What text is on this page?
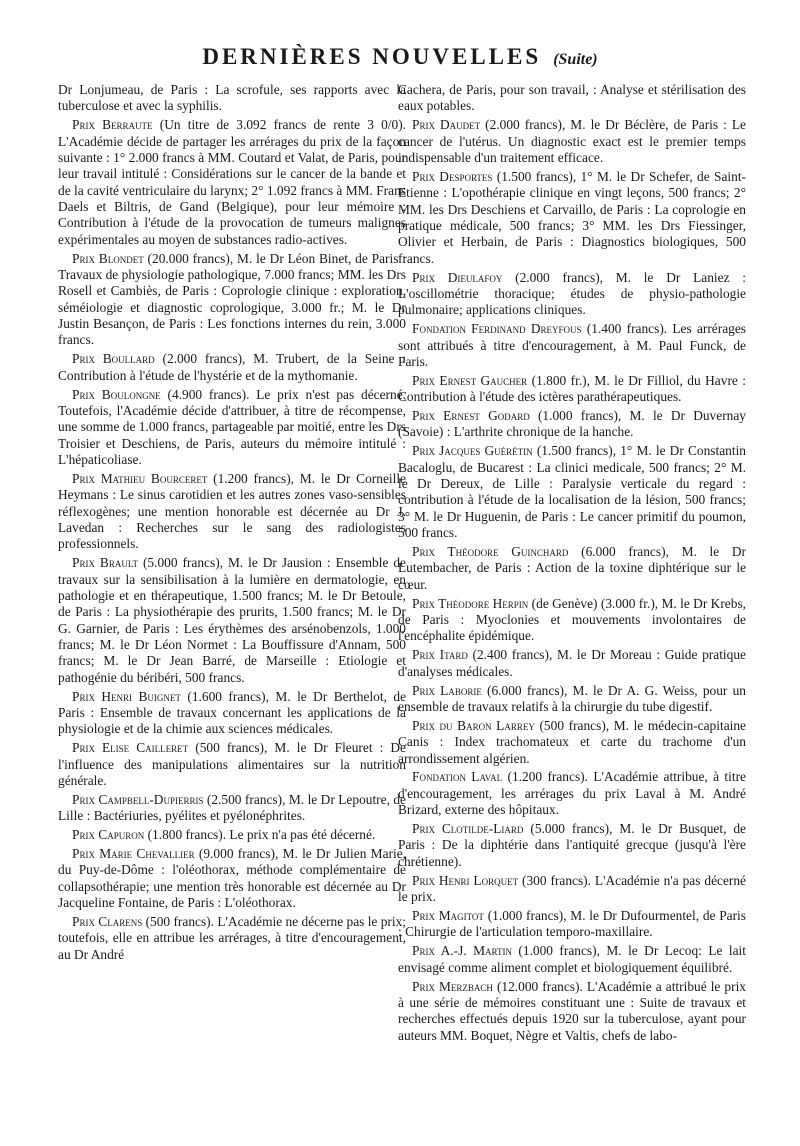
DERNIÈRES NOUVELLES (Suite)

Dr Lonjumeau, de Paris : La scrofule, ses rapports avec la tuberculose et avec la syphilis.

Prix Berraute (Un titre de 3.092 francs de rente 3 0/0). L'Académie décide de partager les arrérages du prix de la façon suivante : 1° 2.000 francs à MM. Coutard et Valat, de Paris, pour leur travail intitulé : Considérations sur le cancer de la bande et de la cavité ventriculaire du larynx; 2° 1.092 francs à MM. Frans Daels et Biltris, de Gand (Belgique), pour leur mémoire : Contribution à l'étude de la provocation de tumeurs malignes expérimentales au moyen de substances radio-actives.

Prix Blondet (20.000 francs), M. le Dr Léon Binet, de Paris : Travaux de physiologie pathologique, 7.000 francs; MM. les Drs Rosell et Cambiès, de Paris : Coprologie clinique : exploration, séméiologie et diagnostic coprologique, 3.000 fr.; M. le Dr Justin Besançon, de Paris : Les fonctions internes du rein, 3.000 francs.

Prix Boullard (2.000 francs), M. Trubert, de la Seine : Contribution à l'étude de l'hystérie et de la mythomanie.

Prix Boulongne (4.900 francs). Le prix n'est pas décerné. Toutefois, l'Académie décide d'attribuer, à titre de récompense, une somme de 1.000 francs, partageable par moitié, entre les Drs Troisier et Deschiens, de Paris, auteurs du mémoire intitulé : L'hépaticoliase.

Prix Mathieu Bourceret (1.200 francs), M. le Dr Corneille Heymans : Le sinus carotidien et les autres zones vaso-sensibles réflexogènes; une mention honorable est décernée au Dr J. Lavedan : Recherches sur le sang des radiologistes professionnels.

Prix Brault (5.000 francs), M. le Dr Jausion : Ensemble de travaux sur la sensibilisation à la lumière en dermatologie, en pathologie et en thérapeutique, 1.500 francs; M. le Dr Betoule, de Paris : La physiothérapie des prurits, 1.500 francs; M. le Dr G. Garnier, de Paris : Les érythèmes des arsénobenzols, 1.000 francs; M. le Dr Léon Normet : La Bouffissure d'Annam, 500 francs; M. le Dr Jean Barré, de Marseille : Etiologie et pathogénie du béribéri, 500 francs.

Prix Henri Buignet (1.600 francs), M. le Dr Berthelot, de Paris : Ensemble de travaux concernant les applications de la physiologie et de la chimie aux sciences médicales.

Prix Elise Cailleret (500 francs), M. le Dr Fleuret : De l'influence des manipulations alimentaires sur la nutrition générale.

Prix Campbell-Dupierris (2.500 francs), M. le Dr Lepoutre, de Lille : Bactériuries, pyélites et pyélonéphrites.

Prix Capuron (1.800 francs). Le prix n'a pas été décerné.

Prix Marie Chevallier (9.000 francs), M. le Dr Julien Marie, du Puy-de-Dôme : l'oléothorax, méthode complémentaire de collapsothérapie; une mention très honorable est décernée au Dr Jacqueline Fontaine, de Paris : L'oléothorax.

Prix Clarens (500 francs). L'Académie ne décerne pas le prix; toutefois, elle en attribue les arrérages, à titre d'encouragement, au Dr André

Cachera, de Paris, pour son travail, : Analyse et stérilisation des eaux potables.

Prix Daudet (2.000 francs), M. le Dr Béclère, de Paris : Le cancer de l'utérus. Un diagnostic exact est le premier temps indispensable d'un traitement efficace.

Prix Desportes (1.500 francs), 1° M. le Dr Schefer, de Saint-Etienne : L'opothérapie clinique en vingt leçons, 500 francs; 2° MM. les Drs Deschiens et Carvaillo, de Paris : La coprologie en pratique médicale, 500 francs; 3° MM. les Drs Fiessinger, Olivier et Herbain, de Paris : Diagnostics biologiques, 500 francs.

Prix Dieulafoy (2.000 francs), M. le Dr Laniez : L'oscillométrie thoracique; études de physio-pathologie pulmonaire; applications cliniques.

Fondation Ferdinand Dreyfous (1.400 francs). Les arrérages sont attribués à titre d'encouragement, à M. Paul Funck, de Paris.

Prix Ernest Gaucher (1.800 fr.), M. le Dr Filliol, du Havre : Contribution à l'étude des ictères parathérapeutiques.

Prix Ernest Godard (1.000 francs), M. le Dr Duvernay (Savoie) : L'arthrite chronique de la hanche.

Prix Jacques Guérétin (1.500 francs), 1° M. le Dr Constantin Bacaloglu, de Bucarest : La clinici medicale, 500 francs; 2° M. le Dr Dereux, de Lille : Paralysie verticale du regard : contribution à l'étude de la localisation de la lésion, 500 francs; 3° M. le Dr Huguenin, de Paris : Le cancer primitif du poumon, 500 francs.

Prix Théodore Guinchard (6.000 francs), M. le Dr Lutembacher, de Paris : Action de la toxine diphtérique sur le cœur.

Prix Théodore Herpin (de Genève) (3.000 fr.), M. le Dr Krebs, de Paris : Myoclonies et mouvements involontaires de l'encéphalite épidémique.

Prix Itard (2.400 francs), M. le Dr Moreau : Guide pratique d'analyses médicales.

Prix Laborie (6.000 francs), M. le Dr A. G. Weiss, pour un ensemble de travaux relatifs à la chirurgie du tube digestif.

Prix du Baron Larrey (500 francs), M. le médecin-capitaine Canis : Index trachomateux et carte du trachome d'un arrondissement algérien.

Fondation Laval (1.200 francs). L'Académie attribue, à titre d'encouragement, les arrérages du prix Laval à M. André Brizard, externe des hôpitaux.

Prix Clotilde-Liard (5.000 francs), M. le Dr Busquet, de Paris : De la diphtérie dans l'antiquité grecque (jusqu'à l'ère chrétienne).

Prix Henri Lorquet (300 francs). L'Académie n'a pas décerné le prix.

Prix Magitot (1.000 francs), M. le Dr Dufourmentel, de Paris : Chirurgie de l'articulation temporo-maxillaire.

Prix A.-J. Martin (1.000 francs), M. le Dr Lecoq: Le lait envisagé comme aliment complet et biologiquement équilibré.

Prix Merzbach (12.000 francs). L'Académie a attribué le prix à une série de mémoires constituant une : Suite de travaux et recherches effectués depuis 1920 sur la tuberculose, ayant pour auteurs MM. Boquet, Nègre et Valtis, chefs de labo-
